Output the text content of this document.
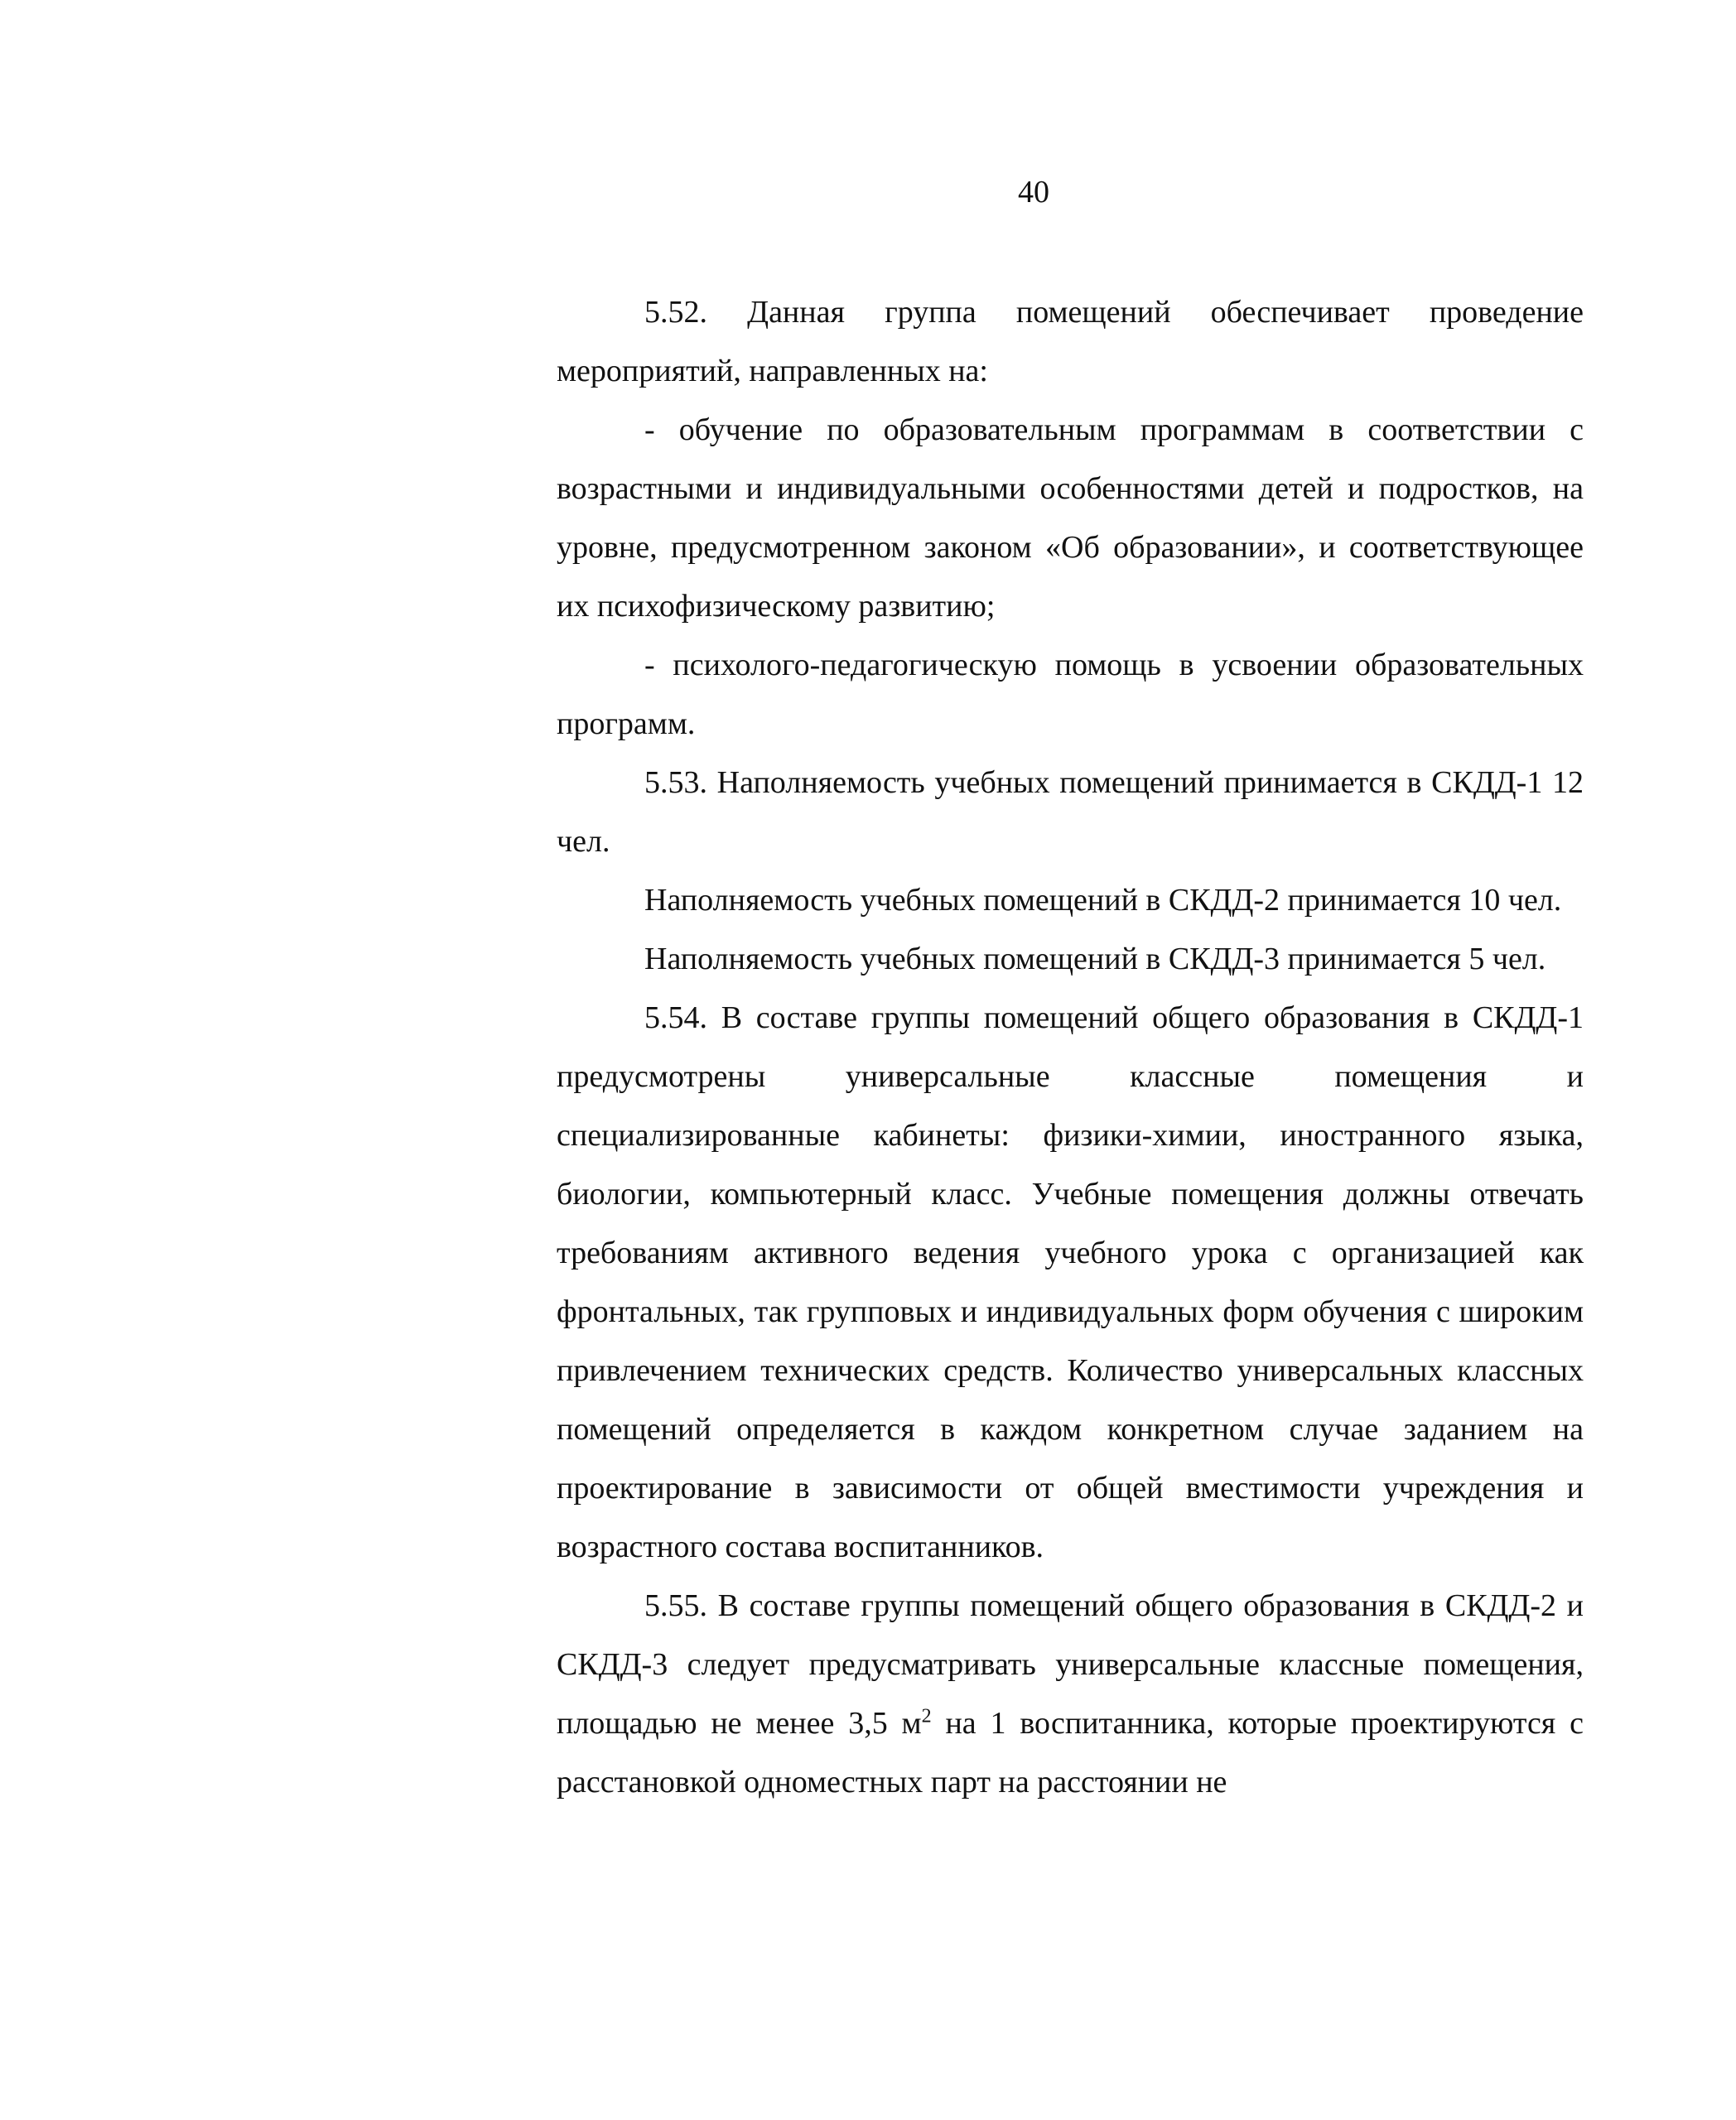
40

5.52. Данная группа помещений обеспечивает проведение мероприятий, направленных на:

- обучение по образовательным программам в соответствии с возрастными и индивидуальными особенностями детей и подростков, на уровне, предусмотренном законом «Об образовании», и соответствующее их психофизическому развитию;

- психолого-педагогическую помощь в усвоении образовательных программ.

5.53. Наполняемость учебных помещений принимается в СКДД-1 12 чел.

Наполняемость учебных помещений в СКДД-2 принимается 10 чел.

Наполняемость учебных помещений в СКДД-3 принимается 5 чел.

5.54. В составе группы помещений общего образования в СКДД-1 предусмотрены универсальные классные помещения и специализированные кабинеты: физики-химии, иностранного языка, биологии, компьютерный класс. Учебные помещения должны отвечать требованиям активного ведения учебного урока с организацией как фронтальных, так групповых и индивидуальных форм обучения с широким привлечением технических средств. Количество универсальных классных помещений определяется в каждом конкретном случае заданием на проектирование в зависимости от общей вместимости учреждения и возрастного состава воспитанников.

5.55. В составе группы помещений общего образования в СКДД-2 и СКДД-3 следует предусматривать универсальные классные помещения, площадью не менее 3,5 $м^2$ на 1 воспитанника, которые проектируются с расстановкой одноместных парт на расстоянии не
